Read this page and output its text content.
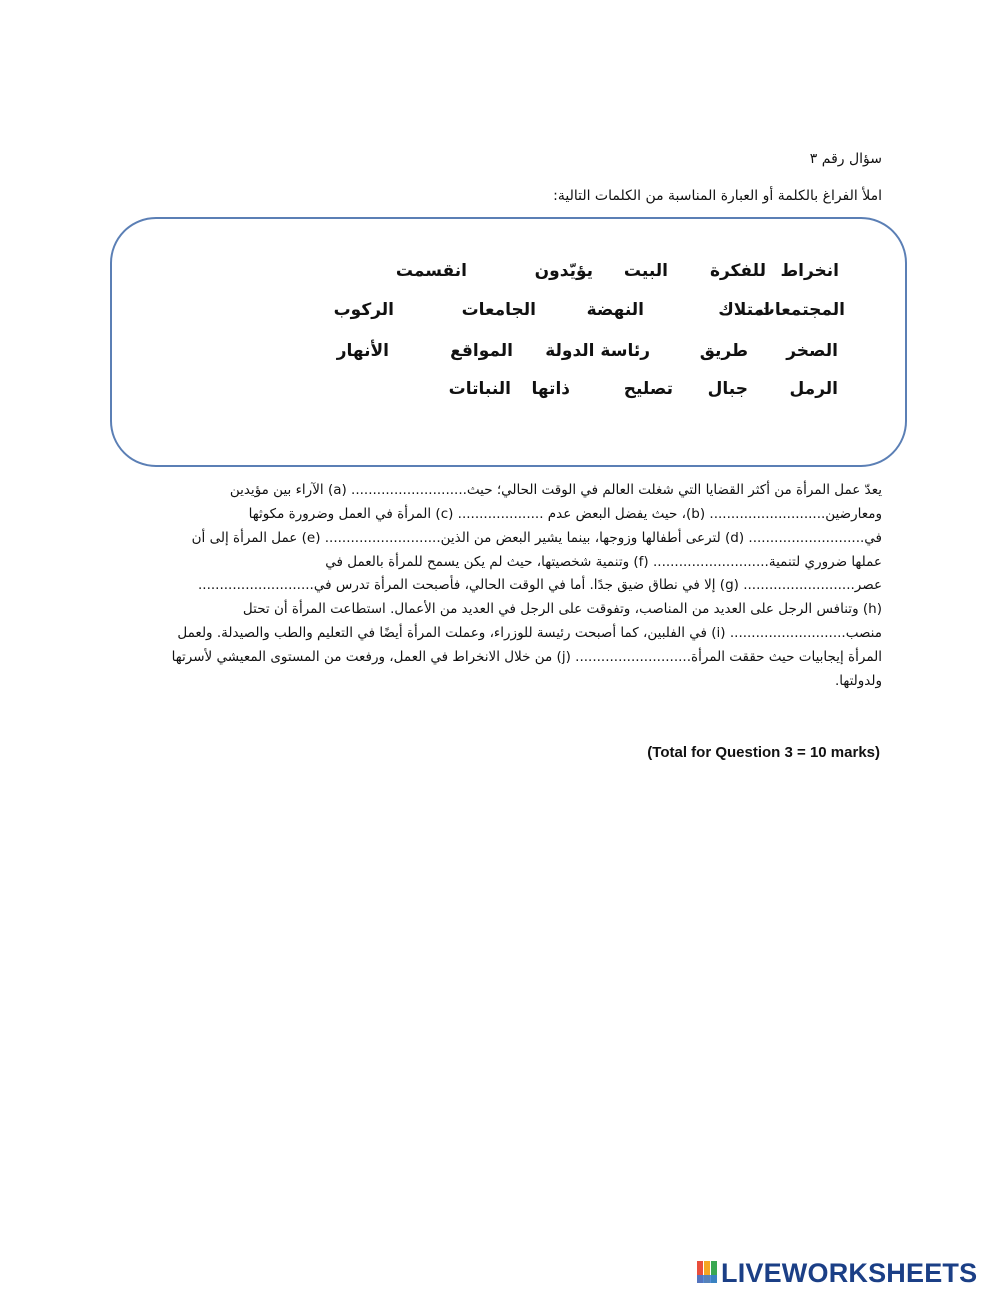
سؤال رقم ٣
املأ الفراغ بالكلمة أو العبارة المناسبة من الكلمات التالية:
انخراط
للفكرة
البيت
يؤيّدون
انقسمت
المجتمعات
امتلاك
النهضة
الجامعات
الركوب
الصخر
طريق
رئاسة الدولة
المواقع
الأنهار
الرمل
جبال
تصليح
ذاتها
النباتات
يعدّ عمل المرأة من أكثر القضايا التي شغلت العالم في الوقت الحالي؛ حيث........................... (a) الآراء بين مؤيدين
ومعارضين........................... (b)، حيث يفضل البعض عدم .................... (c) المرأة في العمل وضرورة مكوثها
في........................... (d) لترعى أطفالها وزوجها، بينما يشير البعض من الذين........................... (e) عمل المرأة إلى أن
عملها ضروري لتنمية........................... (f) وتنمية شخصيتها، حيث لم يكن يسمح للمرأة بالعمل في
عصر.......................... (g) إلا في نطاق ضيق جدًا. أما في الوقت الحالي، فأصبحت المرأة تدرس في...........................
(h) وتنافس الرجل على العديد من المناصب، وتفوقت على الرجل في العديد من الأعمال. استطاعت المرأة أن تحتل
منصب........................... (i) في الفلبين، كما أصبحت رئيسة للوزراء، وعملت المرأة أيضًا في التعليم والطب والصيدلة. ولعمل
المرأة إيجابيات حيث حققت المرأة........................... (j) من خلال الانخراط في العمل، ورفعت من المستوى المعيشي لأسرتها
ولدولتها.
(Total for Question 3 = 10 marks)
LIVEWORKSHEETS
